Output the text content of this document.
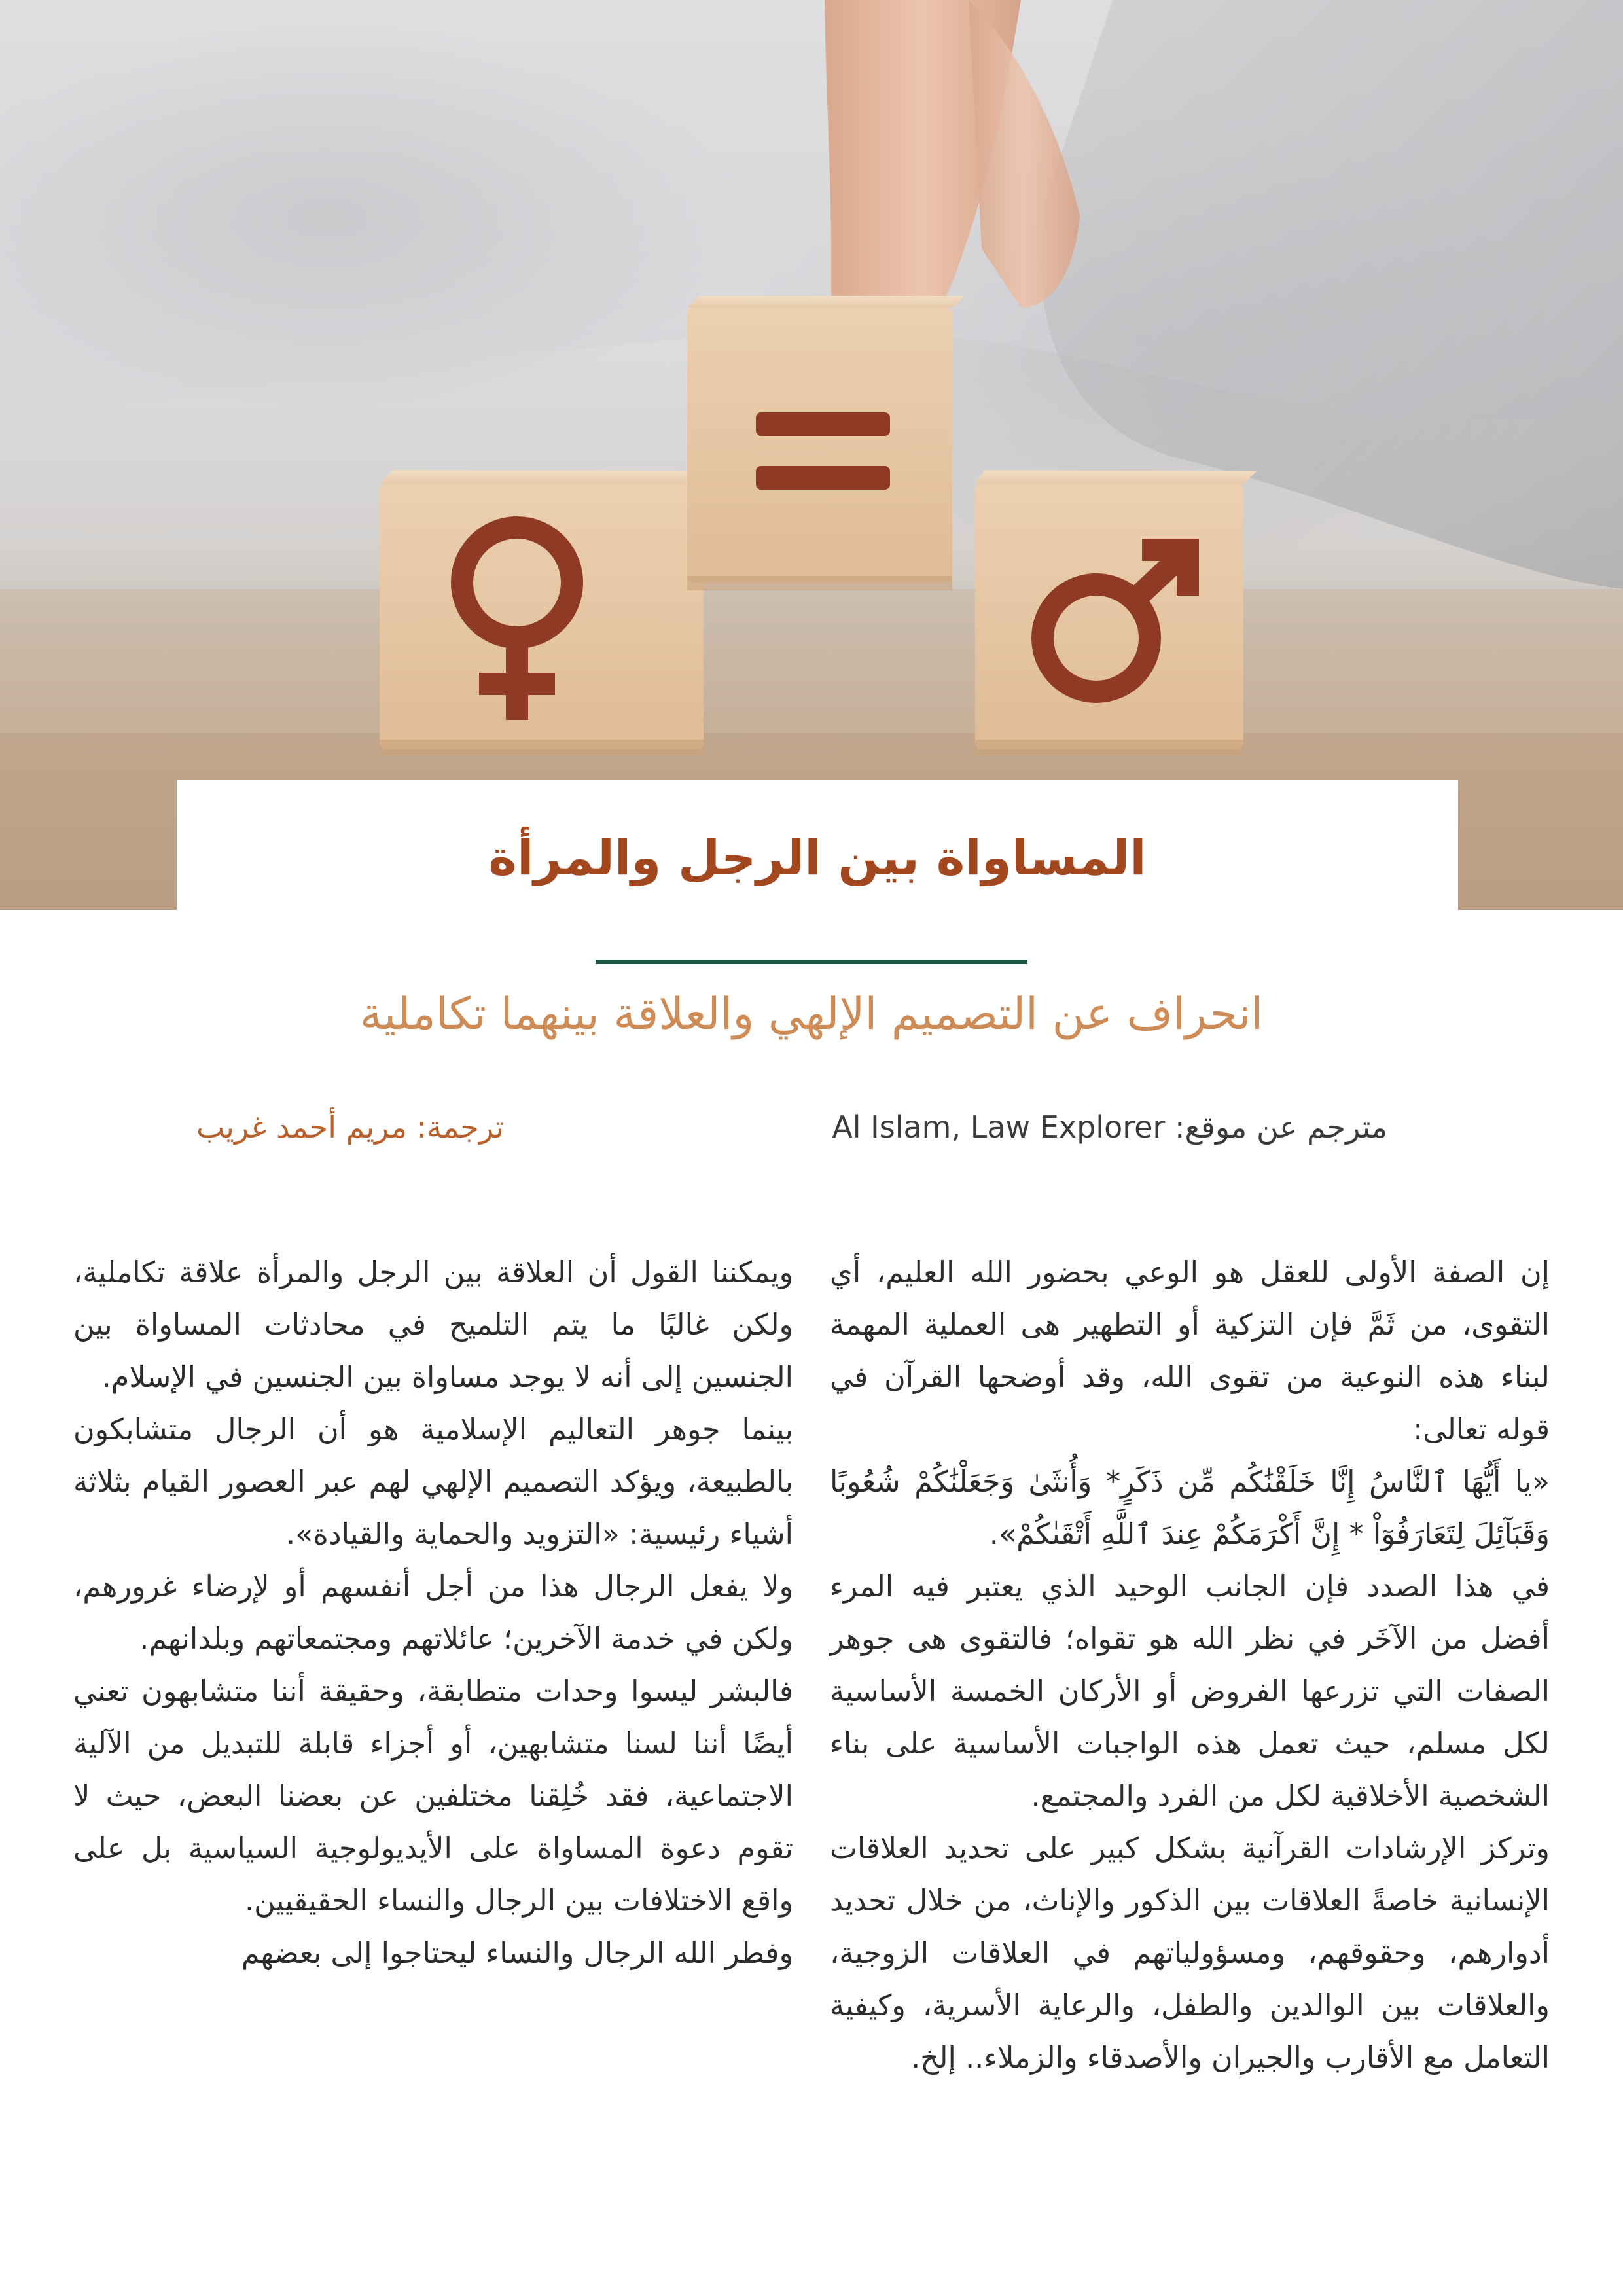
المساواة بين الرجل والمرأة
انحراف عن التصميم الإلهي والعلاقة بينهما تكاملية
مترجم عن موقع: Al Islam, Law Explorer
ترجمة: مريم أحمد غريب

إن الصفة الأولى للعقل هو الوعي بحضور الله العليم، أي التقوى، من ثَمَّ فإن التزكية أو التطهير هى العملية المهمة لبناء هذه النوعية من تقوى الله، وقد أوضحها القرآن في قوله تعالى:

«يا أَيُّهَا ٱلنَّاسُ إِنَّا خَلَقْنَٰكُم مِّن ذَكَرٍ* وَأُنثَىٰ وَجَعَلْنَٰكُمْ شُعُوبًا وَقَبَآئِلَ لِتَعَارَفُوٓاْ * إِنَّ أَكْرَمَكُمْ عِندَ ٱللَّهِ أَتْقَىٰكُمْ».

في هذا الصدد فإن الجانب الوحيد الذي يعتبر فيه المرء أفضل من الآخَر في نظر الله هو تقواه؛ فالتقوى هى جوهر الصفات التي تزرعها الفروض أو الأركان الخمسة الأساسية لكل مسلم، حيث تعمل هذه الواجبات الأساسية على بناء الشخصية الأخلاقية لكل من الفرد والمجتمع.

وتركز الإرشادات القرآنية بشكل كبير على تحديد العلاقات الإنسانية خاصةً العلاقات بين الذكور والإناث، من خلال تحديد أدوارهم، وحقوقهم، ومسؤولياتهم في العلاقات الزوجية، والعلاقات بين الوالدين والطفل، والرعاية الأسرية، وكيفية التعامل مع الأقارب والجيران والأصدقاء والزملاء.. إلخ.

ويمكننا القول أن العلاقة بين الرجل والمرأة علاقة تكاملية، ولكن غالبًا ما يتم التلميح في محادثات المساواة بين الجنسين إلى أنه لا يوجد مساواة بين الجنسين في الإسلام.

بينما جوهر التعاليم الإسلامية هو أن الرجال متشابكون بالطبيعة، ويؤكد التصميم الإلهي لهم عبر العصور القيام بثلاثة أشياء رئيسية: «التزويد والحماية والقيادة».

ولا يفعل الرجال هذا من أجل أنفسهم أو لإرضاء غرورهم، ولكن في خدمة الآخرين؛ عائلاتهم ومجتمعاتهم وبلدانهم.

فالبشر ليسوا وحدات متطابقة، وحقيقة أننا متشابهون تعني أيضًا أننا لسنا متشابهين، أو أجزاء قابلة للتبديل من الآلية الاجتماعية، فقد خُلِقنا مختلفين عن بعضنا البعض، حيث لا تقوم دعوة المساواة على الأيديولوجية السياسية بل على واقع الاختلافات بين الرجال والنساء الحقيقيين.

وفطر الله الرجال والنساء ليحتاجوا إلى بعضهم
